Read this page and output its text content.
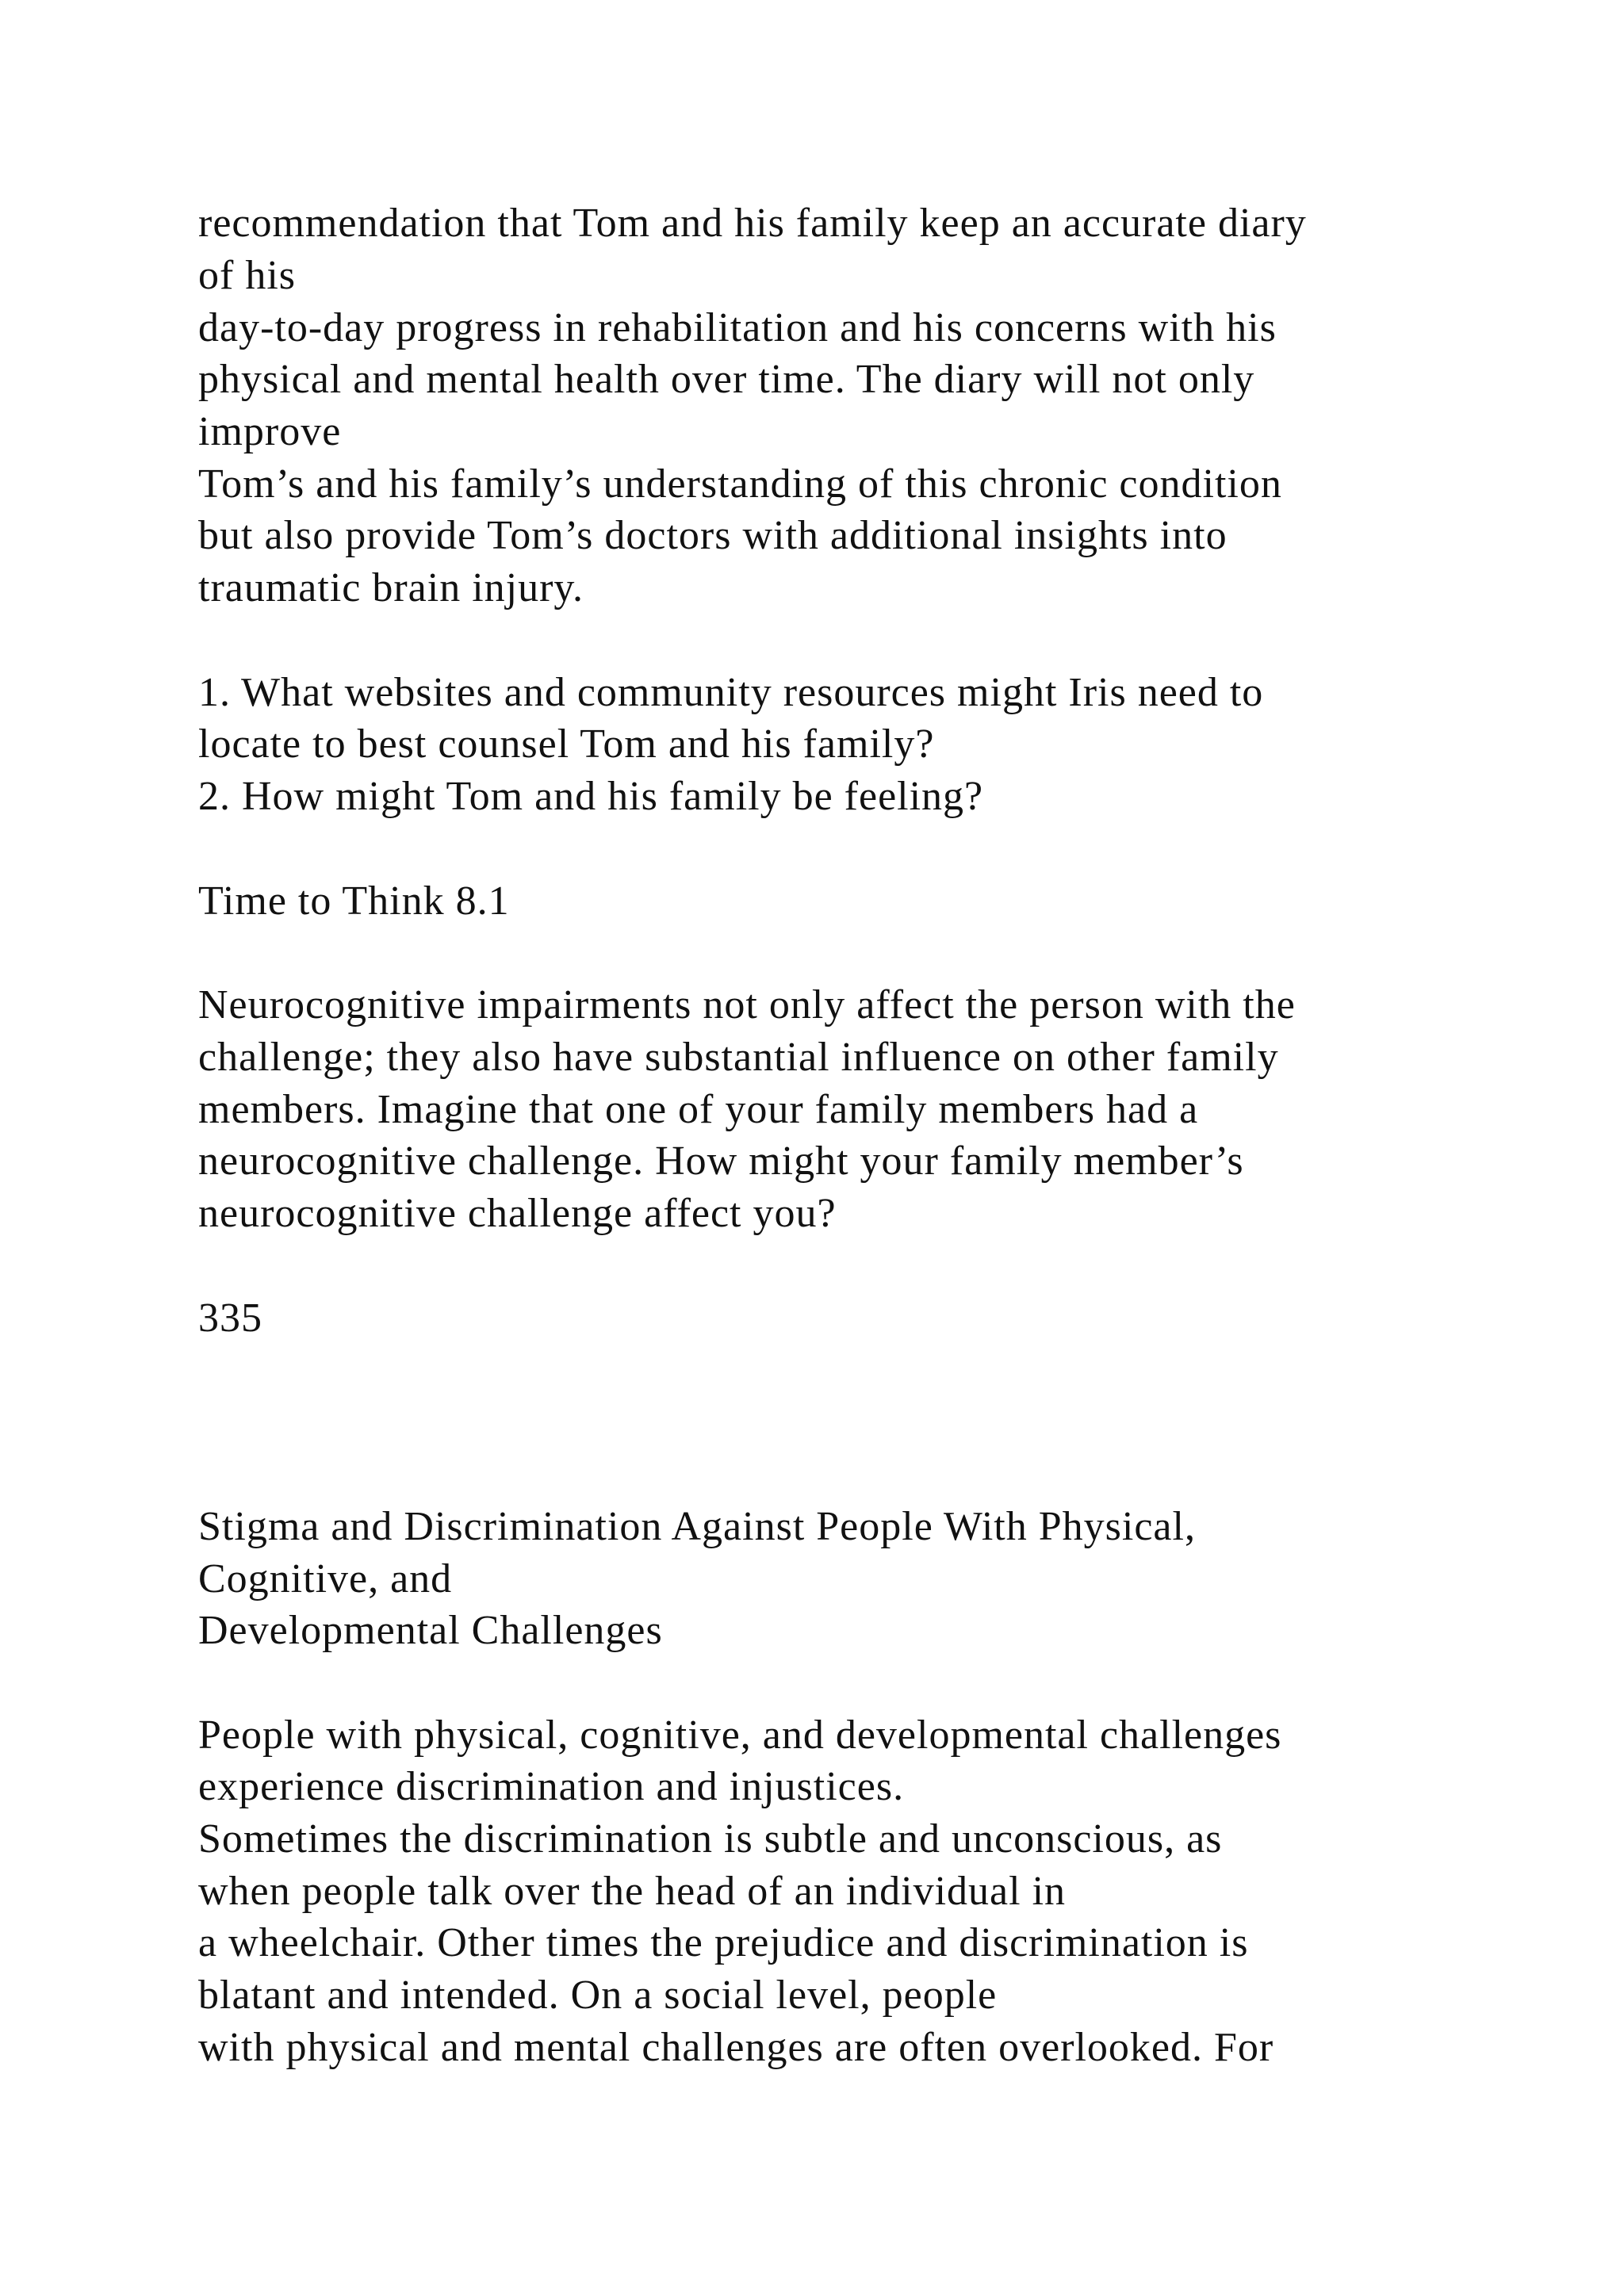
recommendation that Tom and his family keep an accurate diary
of his
day-to-day progress in rehabilitation and his concerns with his
physical and mental health over time. The diary will not only
improve
Tom’s and his family’s understanding of this chronic condition
but also provide Tom’s doctors with additional insights into
traumatic brain injury.
1. What websites and community resources might Iris need to
locate to best counsel Tom and his family?
2. How might Tom and his family be feeling?
Time to Think 8.1
Neurocognitive impairments not only affect the person with the
challenge; they also have substantial influence on other family
members. Imagine that one of your family members had a
neurocognitive challenge. How might your family member’s
neurocognitive challenge affect you?
335
Stigma and Discrimination Against People With Physical,
Cognitive, and
Developmental Challenges
People with physical, cognitive, and developmental challenges
experience discrimination and injustices.
Sometimes the discrimination is subtle and unconscious, as
when people talk over the head of an individual in
a wheelchair. Other times the prejudice and discrimination is
blatant and intended. On a social level, people
with physical and mental challenges are often overlooked. For
